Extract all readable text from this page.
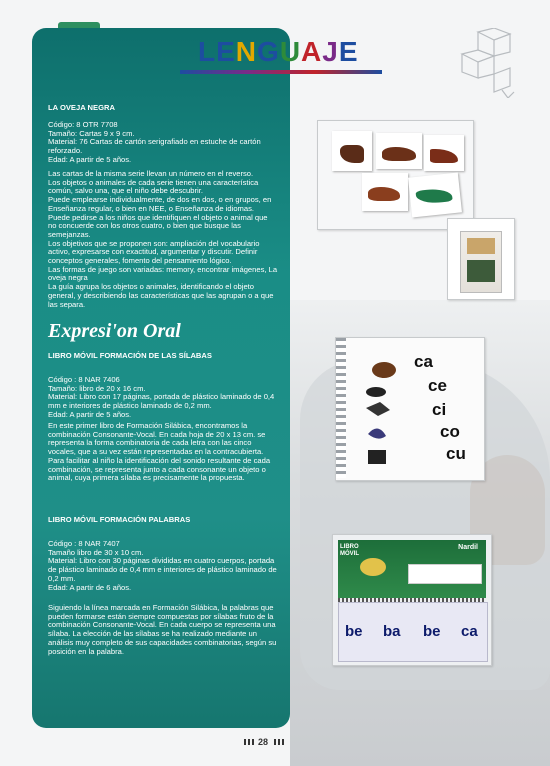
LENGUAJE
LA OVEJA NEGRA
Código: 8 OTR 7708
Tamaño: Cartas 9 x 9 cm.
Material: 76 Cartas de cartón serigrafiado en estuche de cartón reforzado.
Edad: A partir de 5 años.
Las cartas de la misma serie llevan un número en el reverso.
Los objetos o animales de cada serie tienen una característica común, salvo una, que el niño debe descubrir.
Puede emplearse individualmente, de dos en dos, o en grupos, en Enseñanza regular, o bien en NEE, o Enseñanza de idiomas.
Puede pedirse a los niños que identifiquen el objeto o animal que no concuerde con los otros cuatro, o bien que busque las semejanzas.
Los objetivos que se proponen son: ampliación del vocabulario activo, expresarse con exactitud, argumentar y discutir. Definir conceptos generales, fomento del pensamiento lógico.
Las formas de juego son variadas: memory, encontrar imágenes, La oveja negra
La guía agrupa los objetos o animales, identificando el objeto general, y describiendo las características que las agrupan o a que las separa.
Expresi'on Oral
LIBRO MÓVIL FORMACIÓN DE LAS SÍLABAS
Código : 8 NAR 7406
Tamaño: libro de 20 x 16 cm.
Material: Libro con 17 páginas, portada de plástico laminado de 0,4 mm e interiores de plástico laminado de 0,2 mm.
Edad: A partir de 5 años.
En este primer libro de Formación Silábica, encontramos la combinación Consonante-Vocal. En cada hoja de 20 x 13 cm. se representa la forma combinatoria de cada letra con las cinco vocales, que a su vez están representadas en la contracubierta. Para facilitar al niño la identificación del sonido resultante de cada combinación, se representa junto a cada consonante un objeto o animal, cuya primera sílaba es precisamente la propuesta.
LIBRO MÓVIL FORMACIÓN PALABRAS
Código : 8 NAR 7407
Tamaño libro de 30 x 10 cm.
Material: Libro con 30 páginas divididas en cuatro cuerpos, portada de plástico laminado de 0,4 mm e interiores de plástico laminado de 0,2 mm.
Edad: A partir de 6 años.
Siguiendo la línea marcada en Formación Silábica, la palabras que pueden formarse están siempre compuestas por sílabas fruto de la combinación Consonante-Vocal. En cada cuerpo se representa una sílaba. La elección de las sílabas se ha realizado mediante un análisis muy completo de sus capacidades combinatorias, según su posición en la palabra.
ca
ce
ci
co
cu
LIBRO MÓVIL
Nardil
be ba be ca
28
